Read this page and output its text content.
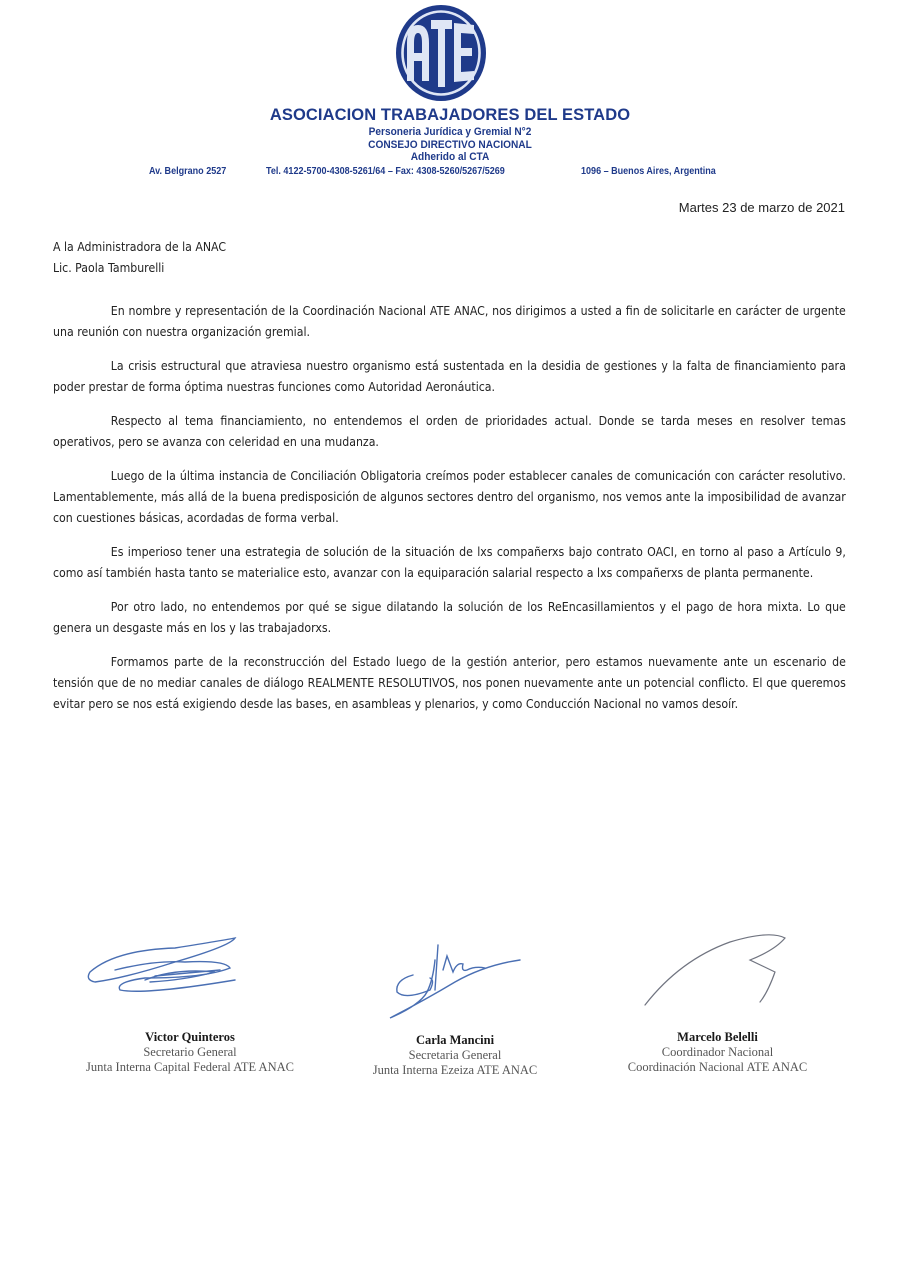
ASOCIACION TRABAJADORES DEL ESTADO
Personeria Jurídica y Gremial N°2
CONSEJO DIRECTIVO NACIONAL
Adherido al CTA
Av. Belgrano 2527	Tel. 4122-5700-4308-5261/64 – Fax: 4308-5260/5267/5269	1096 – Buenos Aires, Argentina
Martes 23 de marzo de 2021
A la Administradora de la ANAC
Lic. Paola Tamburelli

En nombre y representación de la Coordinación Nacional ATE ANAC, nos dirigimos a usted a fin de solicitarle en carácter de urgente una reunión con nuestra organización gremial.

La crisis estructural que atraviesa nuestro organismo está sustentada en la desidia de gestiones y la falta de financiamiento para poder prestar de forma óptima nuestras funciones como Autoridad Aeronáutica.

Respecto al tema financiamiento, no entendemos el orden de prioridades actual. Donde se tarda meses en resolver temas operativos, pero se avanza con celeridad en una mudanza.

Luego de la última instancia de Conciliación Obligatoria creímos poder establecer canales de comunicación con carácter resolutivo. Lamentablemente, más allá de la buena predisposición de algunos sectores dentro del organismo, nos vemos ante la imposibilidad de avanzar con cuestiones básicas, acordadas de forma verbal.

Es imperioso tener una estrategia de solución de la situación de lxs compañerxs bajo contrato OACI, en torno al paso a Artículo 9, como así también hasta tanto se materialice esto, avanzar con la equiparación salarial respecto a lxs compañerxs de planta permanente.

Por otro lado, no entendemos por qué se sigue dilatando la solución de los ReEncasillamientos y el pago de hora mixta. Lo que genera un desgaste más en los y las trabajadorxs.

Formamos parte de la reconstrucción del Estado luego de la gestión anterior, pero estamos nuevamente ante un escenario de tensión que de no mediar canales de diálogo REALMENTE RESOLUTIVOS, nos ponen nuevamente ante un potencial conflicto. El que queremos evitar pero se nos está exigiendo desde las bases, en asambleas y plenarios, y como Conducción Nacional no vamos desoír.

Victor Quinteros
Secretario General
Junta Interna Capital Federal ATE ANAC
Carla Mancini
Secretaria General
Junta Interna Ezeiza ATE ANAC
Marcelo Belelli
Coordinador Nacional
Coordinación Nacional ATE ANAC
